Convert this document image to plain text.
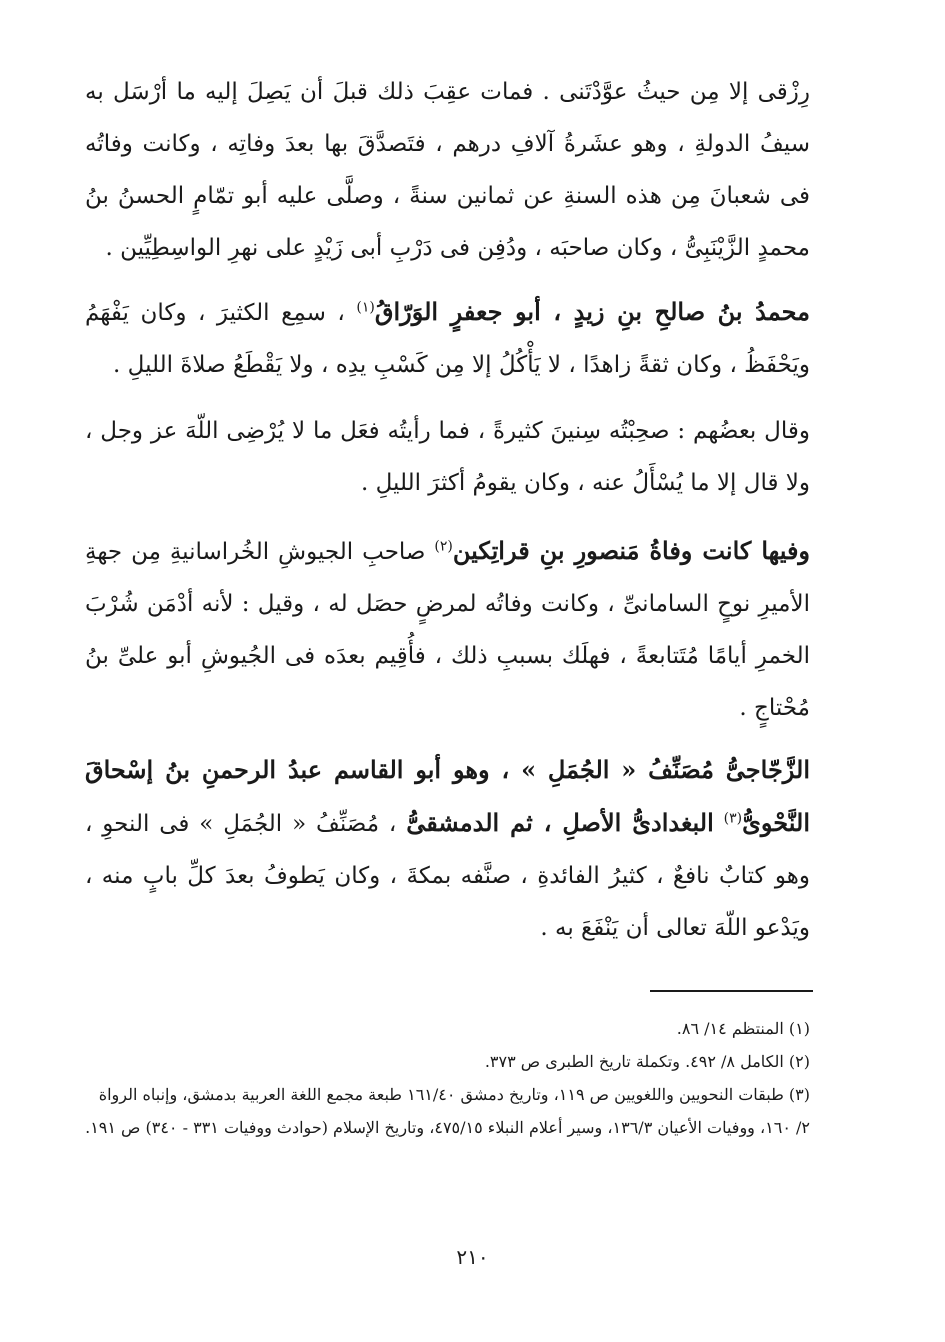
رِزْقى إلا مِن حيثُ عوَّدْتَنى . فمات عقِبَ ذلك قبلَ أن يَصِلَ إليه ما أرْسَل به سيفُ الدولةِ ، وهو عشَرةُ آلافِ درهم ، فتَصدَّقَ بها بعدَ وفاتِه ، وكانت وفاتُه فى شعبانَ مِن هذه السنةِ عن ثمانين سنةً ، وصلَّى عليه أبو تمّامٍ الحسنُ بنُ محمدٍ الزَّيْنَبِىُّ ، وكان صاحبَه ، ودُفِن فى دَرْبِ أبى زَيْدٍ على نهرِ الواسِطِيِّين .

محمدُ بنُ صالحِ بنِ زيدٍ ، أبو جعفرٍ الوَرّاقُ$^{(١)}$ ، سمِع الكثيرَ ، وكان يَفْهَمُ ويَحْفَظُ ، وكان ثقةً زاهدًا ، لا يَأْكُلُ إلا مِن كَسْبِ يدِه ، ولا يَقْطَعُ صلاةَ الليلِ .

وقال بعضُهم : صحِبْتُه سِنينَ كثيرةً ، فما رأيتُه فعَل ما لا يُرْضِى اللّهَ عز وجل ، ولا قال إلا ما يُسْأَلُ عنه ، وكان يقومُ أكثرَ الليلِ .

وفيها كانت وفاةُ مَنصورِ بنِ قراتِكين$^{(٢)}$ صاحبِ الجيوشِ الخُراسانيةِ مِن جهةِ الأميرِ نوحٍ السامانىِّ ، وكانت وفاتُه لمرضٍ حصَل له ، وقيل : لأنه أدْمَن شُرْبَ الخمرِ أيامًا مُتَتابعةً ، فهلَك بسببِ ذلك ، فأُقِيم بعدَه فى الجُيوشِ أبو علىِّ بنُ مُحْتاجٍ .

الزَّجّاجىُّ مُصَنِّفُ « الجُمَلِ » ، وهو أبو القاسم عبدُ الرحمنِ بنُ إسْحاقَ النَّحْوىُّ$^{(٣)}$ البغدادىُّ الأصلِ ، ثم الدمشقىُّ ، مُصَنِّفُ « الجُمَلِ » فى النحوِ ، وهو كتابٌ نافعٌ ، كثيرُ الفائدةِ ، صنَّفه بمكةَ ، وكان يَطوفُ بعدَ كلِّ بابٍ منه ، ويَدْعو اللّهَ تعالى أن يَنْفَعَ به .

(١) المنتظم ١٤/ ٨٦.

(٢) الكامل ٨/ ٤٩٢. وتكملة تاريخ الطبرى ص ٣٧٣.

(٣) طبقات النحويين واللغويين ص ١١٩، وتاريخ دمشق ١٦١/٤٠ طبعة مجمع اللغة العربية بدمشق، وإنباه الرواة ٢/ ١٦٠، ووفيات الأعيان ١٣٦/٣، وسير أعلام النبلاء ٤٧٥/١٥، وتاريخ الإسلام (حوادث ووفيات ٣٣١ - ٣٤٠) ص ١٩١.

٢١٠
